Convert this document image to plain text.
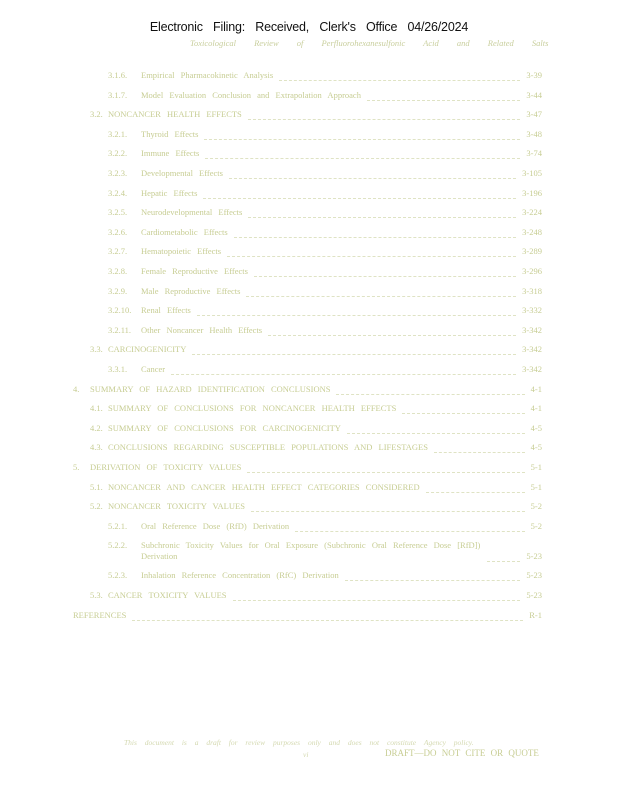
Electronic Filing: Received, Clerk's Office 04/26/2024
Toxicological Review of Perfluorohexanesulfonic Acid and Related Salts
3.1.6. Empirical Pharmacokinetic Analysis	3-39
3.1.7. Model Evaluation Conclusion and Extrapolation Approach	3-44
3.2. NONCANCER HEALTH EFFECTS	3-47
3.2.1. Thyroid Effects	3-48
3.2.2. Immune Effects	3-74
3.2.3. Developmental Effects	3-105
3.2.4. Hepatic Effects	3-196
3.2.5. Neurodevelopmental Effects	3-224
3.2.6. Cardiometabolic Effects	3-248
3.2.7. Hematopoietic Effects	3-289
3.2.8. Female Reproductive Effects	3-296
3.2.9. Male Reproductive Effects	3-318
3.2.10. Renal Effects	3-332
3.2.11. Other Noncancer Health Effects	3-342
3.3. CARCINOGENICITY	3-342
3.3.1. Cancer	3-342
4. SUMMARY OF HAZARD IDENTIFICATION CONCLUSIONS	4-1
4.1. SUMMARY OF CONCLUSIONS FOR NONCANCER HEALTH EFFECTS	4-1
4.2. SUMMARY OF CONCLUSIONS FOR CARCINOGENICITY	4-5
4.3. CONCLUSIONS REGARDING SUSCEPTIBLE POPULATIONS AND LIFESTAGES	4-5
5. DERIVATION OF TOXICITY VALUES	5-1
5.1. NONCANCER AND CANCER HEALTH EFFECT CATEGORIES CONSIDERED	5-1
5.2. NONCANCER TOXICITY VALUES	5-2
5.2.1. Oral Reference Dose (RfD) Derivation	5-2
5.2.2. Subchronic Toxicity Values for Oral Exposure (Subchronic Oral Reference Dose [RfD]) Derivation	5-23
5.2.3. Inhalation Reference Concentration (RfC) Derivation	5-23
5.3. CANCER TOXICITY VALUES	5-23
REFERENCES	R-1
This document is a draft for review purposes only and does not constitute Agency policy.
vi	DRAFT—DO NOT CITE OR QUOTE
